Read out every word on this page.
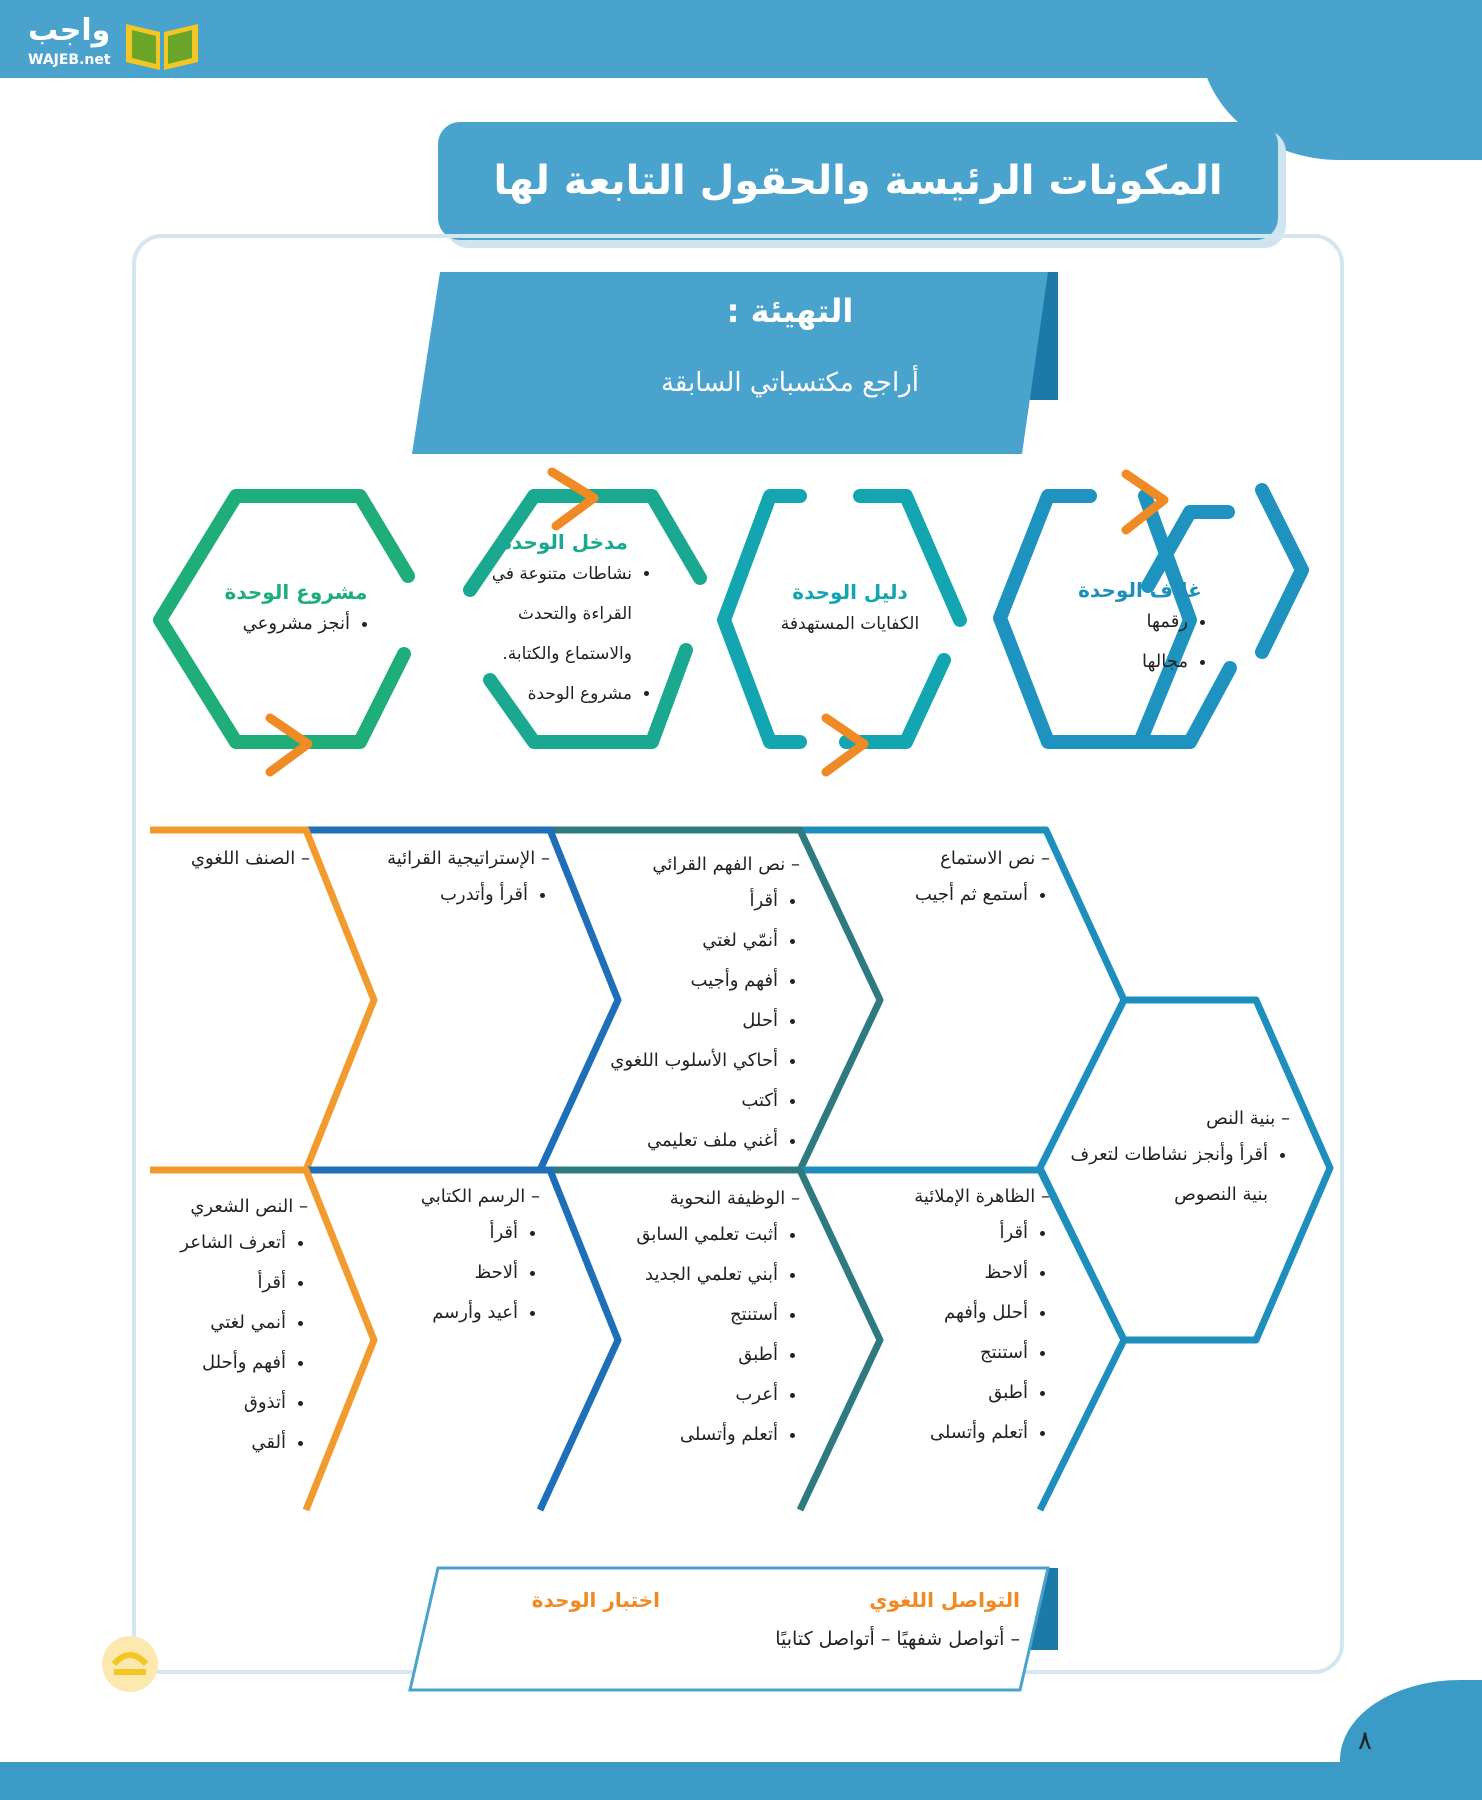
واجب
WAJEB.net
المكونات الرئيسة والحقول التابعة لها
التهيئة :
أراجع مكتسباتي السابقة
غلاف الوحدة
• رقمها
• مجالها
دليل الوحدة
الكفايات المستهدفة
مدخل الوحدة
• نشاطات متنوعة في القراءة والتحدث والاستماع والكتابة.
• مشروع الوحدة
مشروع الوحدة
• أنجز مشروعي
– نص الاستماع
• أستمع ثم أجيب
– نص الفهم القرائي
• أقرأ
• أنمّي لغتي
• أفهم وأجيب
• أحلل
• أحاكي الأسلوب اللغوي
• أكتب
• أغني ملف تعليمي
– الإستراتيجية القرائية
• أقرأ وأتدرب
– الصنف اللغوي
– بنية النص
• أقرأ وأنجز نشاطات لتعرف بنية النصوص
– الظاهرة الإملائية
• أقرأ
• ألاحظ
• أحلل وأفهم
• أستنتج
• أطبق
• أتعلم وأتسلى
– الوظيفة النحوية
• أثبت تعلمي السابق
• أبني تعلمي الجديد
• أستنتج
• أطبق
• أعرب
• أتعلم وأتسلى
– الرسم الكتابي
• أقرأ
• ألاحظ
• أعيد وأرسم
– النص الشعري
• أتعرف الشاعر
• أقرأ
• أنمي لغتي
• أفهم وأحلل
• أتذوق
• ألقي
التواصل اللغوي
– أتواصل شفهيًا – أتواصل كتابيًا
اختبار الوحدة
٨
